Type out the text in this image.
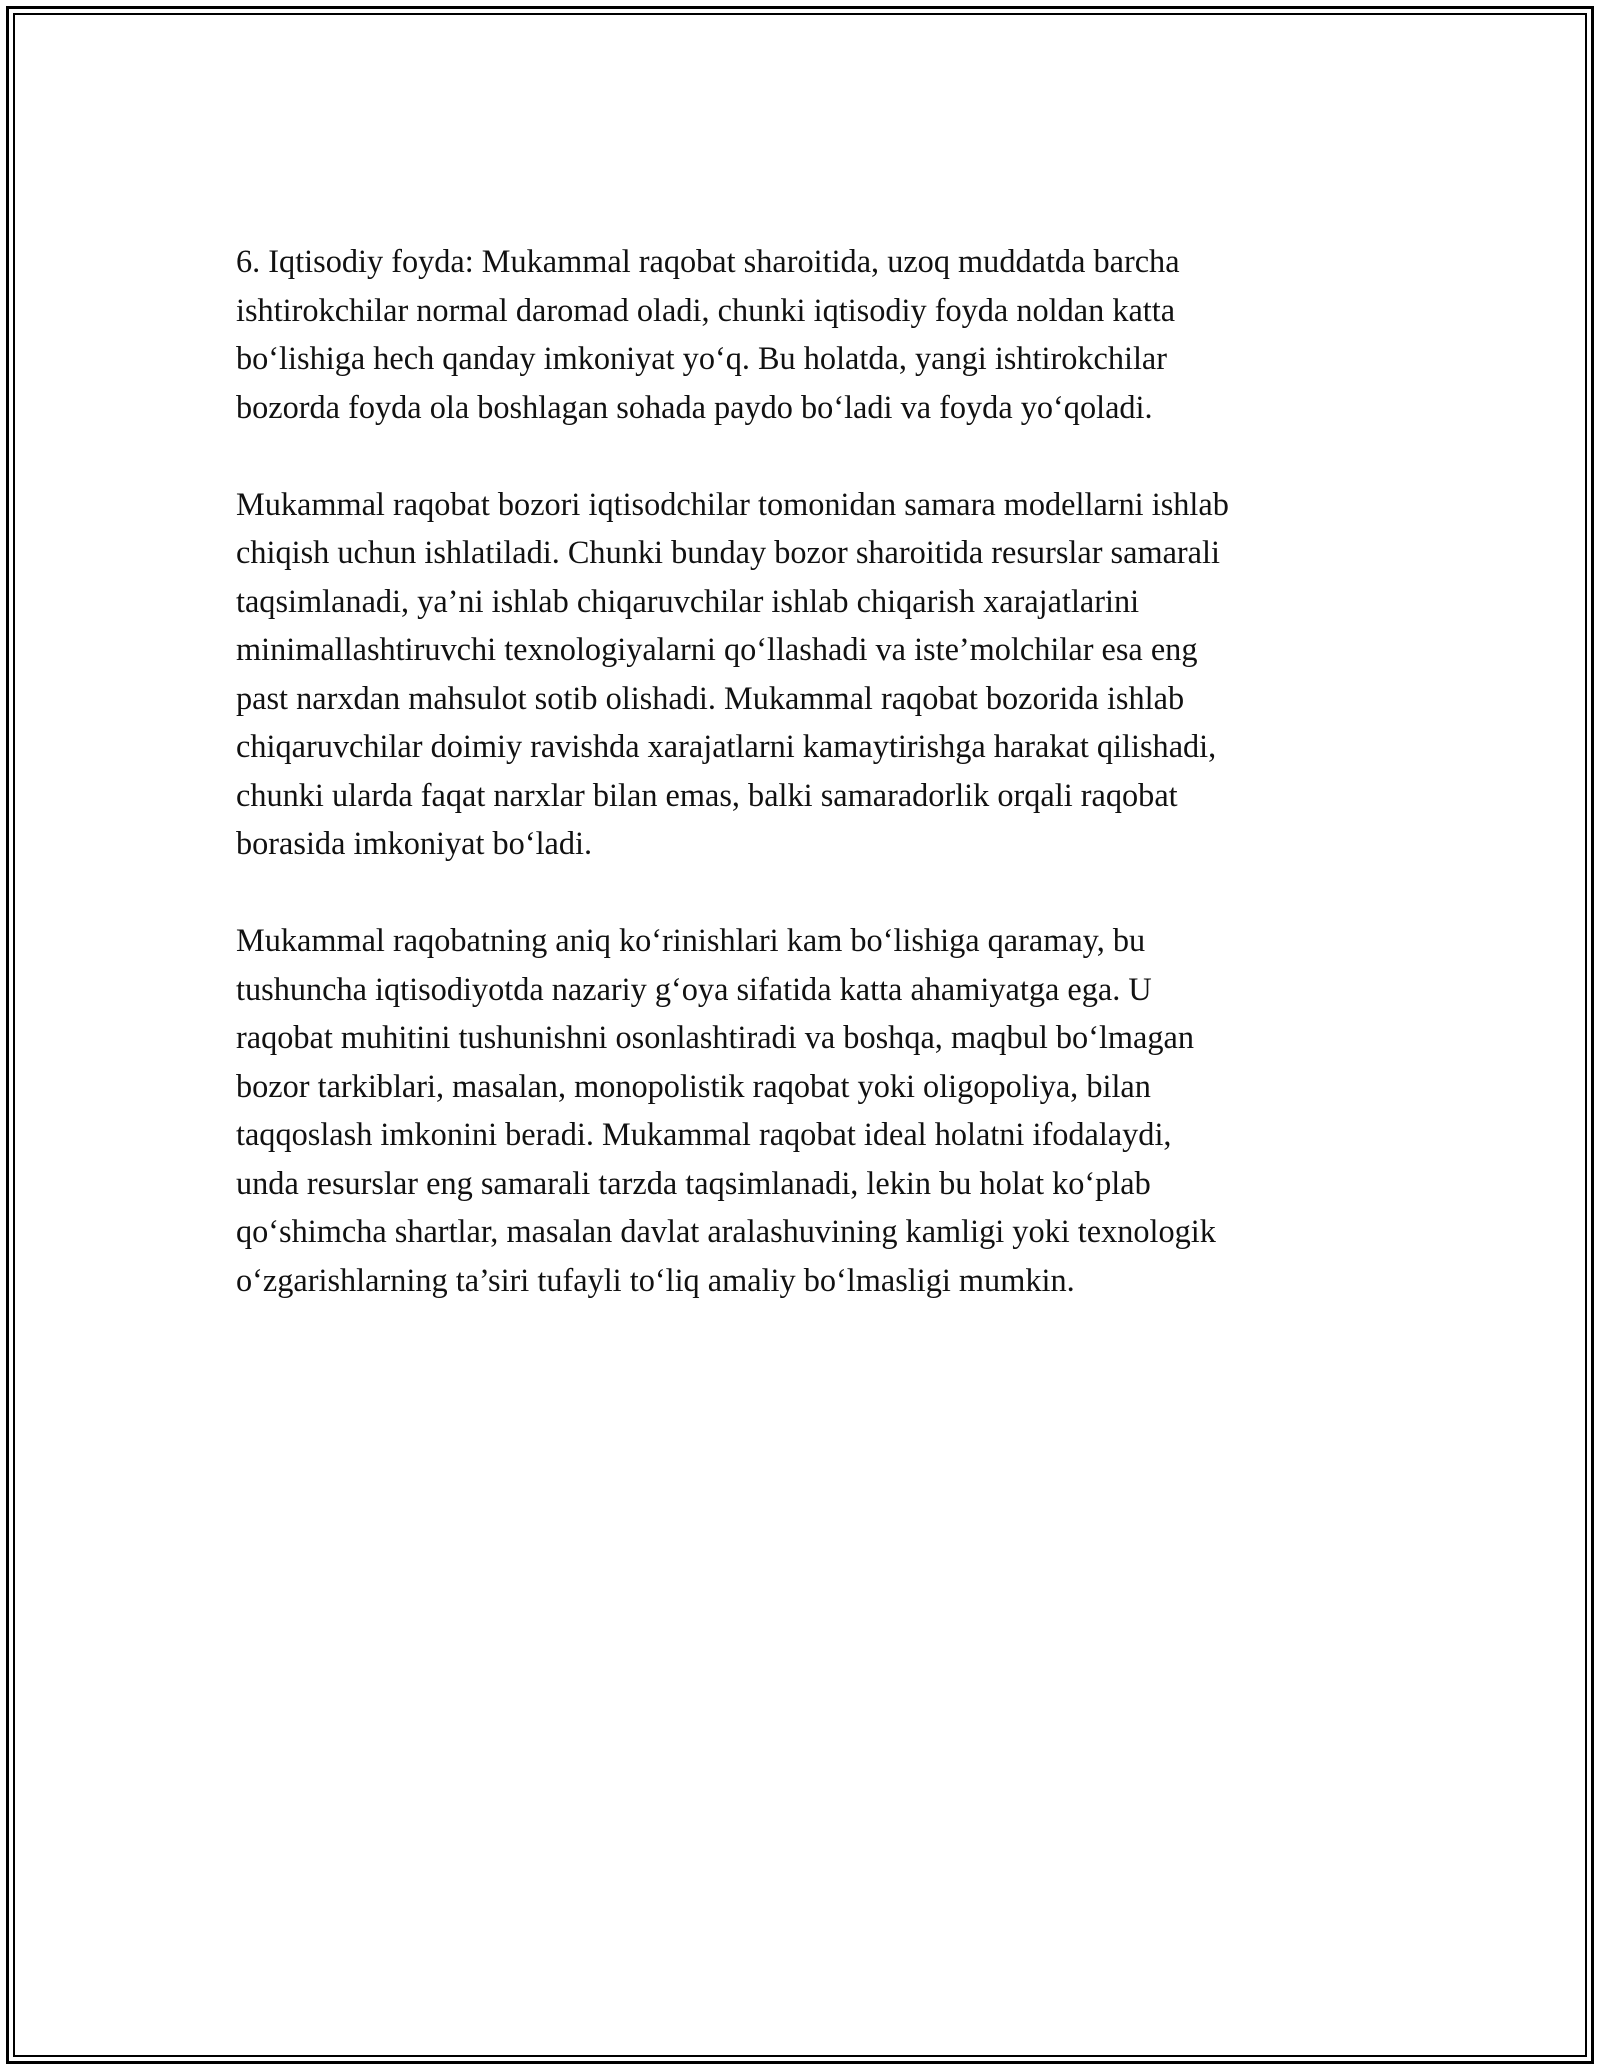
6. Iqtisodiy foyda: Mukammal raqobat sharoitida, uzoq muddatda barcha
ishtirokchilar normal daromad oladi, chunki iqtisodiy foyda noldan katta
bo‘lishiga hech qanday imkoniyat yo‘q. Bu holatda, yangi ishtirokchilar
bozorda foyda ola boshlagan sohada paydo bo‘ladi va foyda yo‘qoladi.

Mukammal raqobat bozori iqtisodchilar tomonidan samara modellarni ishlab
chiqish uchun ishlatiladi. Chunki bunday bozor sharoitida resurslar samarali
taqsimlanadi, ya’ni ishlab chiqaruvchilar ishlab chiqarish xarajatlarini
minimallashtiruvchi texnologiyalarni qo‘llashadi va iste’molchilar esa eng
past narxdan mahsulot sotib olishadi. Mukammal raqobat bozorida ishlab
chiqaruvchilar doimiy ravishda xarajatlarni kamaytirishga harakat qilishadi,
chunki ularda faqat narxlar bilan emas, balki samaradorlik orqali raqobat
borasida imkoniyat bo‘ladi.

Mukammal raqobatning aniq ko‘rinishlari kam bo‘lishiga qaramay, bu
tushuncha iqtisodiyotda nazariy g‘oya sifatida katta ahamiyatga ega. U
raqobat muhitini tushunishni osonlashtiradi va boshqa, maqbul bo‘lmagan
bozor tarkiblari, masalan, monopolistik raqobat yoki oligopoliya, bilan
taqqoslash imkonini beradi. Mukammal raqobat ideal holatni ifodalaydi,
unda resurslar eng samarali tarzda taqsimlanadi, lekin bu holat ko‘plab
qo‘shimcha shartlar, masalan davlat aralashuvining kamligi yoki texnologik
o‘zgarishlarning ta’siri tufayli to‘liq amaliy bo‘lmasligi mumkin.
